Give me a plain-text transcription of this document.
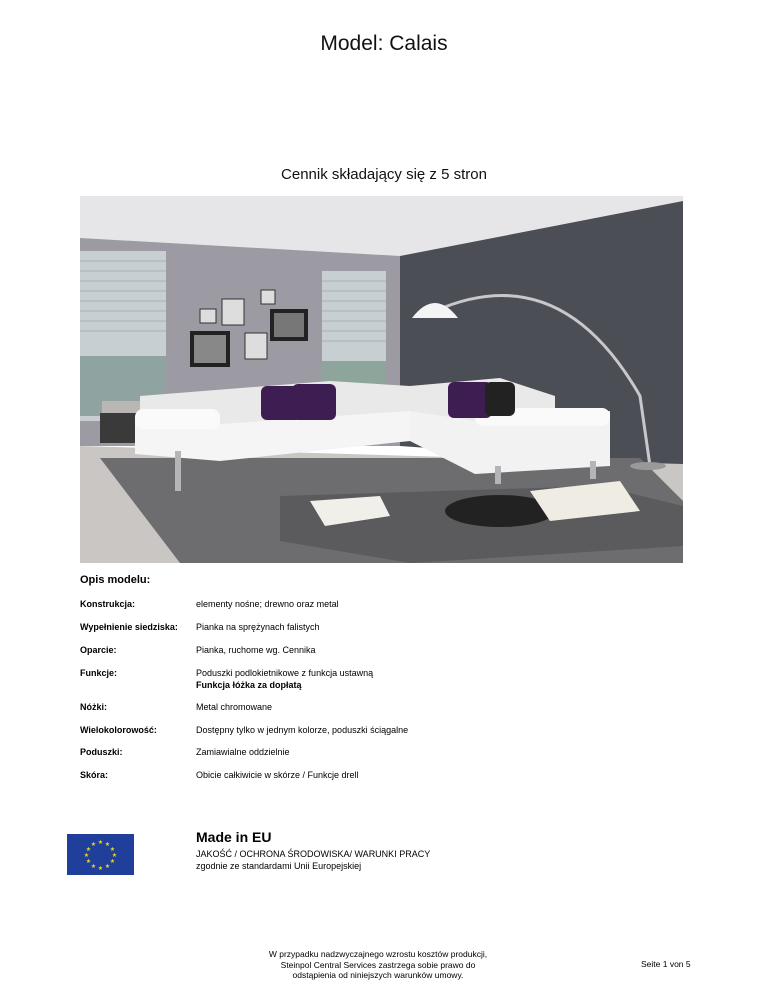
Model: Calais
Cennik składający się z 5 stron
Opis modelu:
Konstrukcja:	elementy nośne; drewno oraz metal
Wypełnienie siedziska:	Pianka na sprężynach falistych
Oparcie:	Pianka, ruchome wg. Cennika
Funkcje:	Poduszki podlokietnikowe z funkcja ustawną
Funkcja łóżka za dopłatą
Nóżki:	Metal chromowane
Wielokolorowość:	Dostępny tylko w jednym kolorze, poduszki ściągalne
Poduszki:	Zamiawialne oddzielnie
Skóra:	Obicie całkiwicie w skórze / Funkcje drell
★ ★
★
★
★
★
★
★
★
★
★
★	Made in EU
JAKOŚĆ / OCHRONA ŚRODOWISKA/ WARUNKI PRACY
zgodnie ze standardami Unii Europejskiej
W przypadku nadzwyczajnego wzrostu kosztów produkcji,
Steinpol Central Services zastrzega sobie prawo do
odstąpienia od niniejszych warunków umowy.
Seite 1 von 5
